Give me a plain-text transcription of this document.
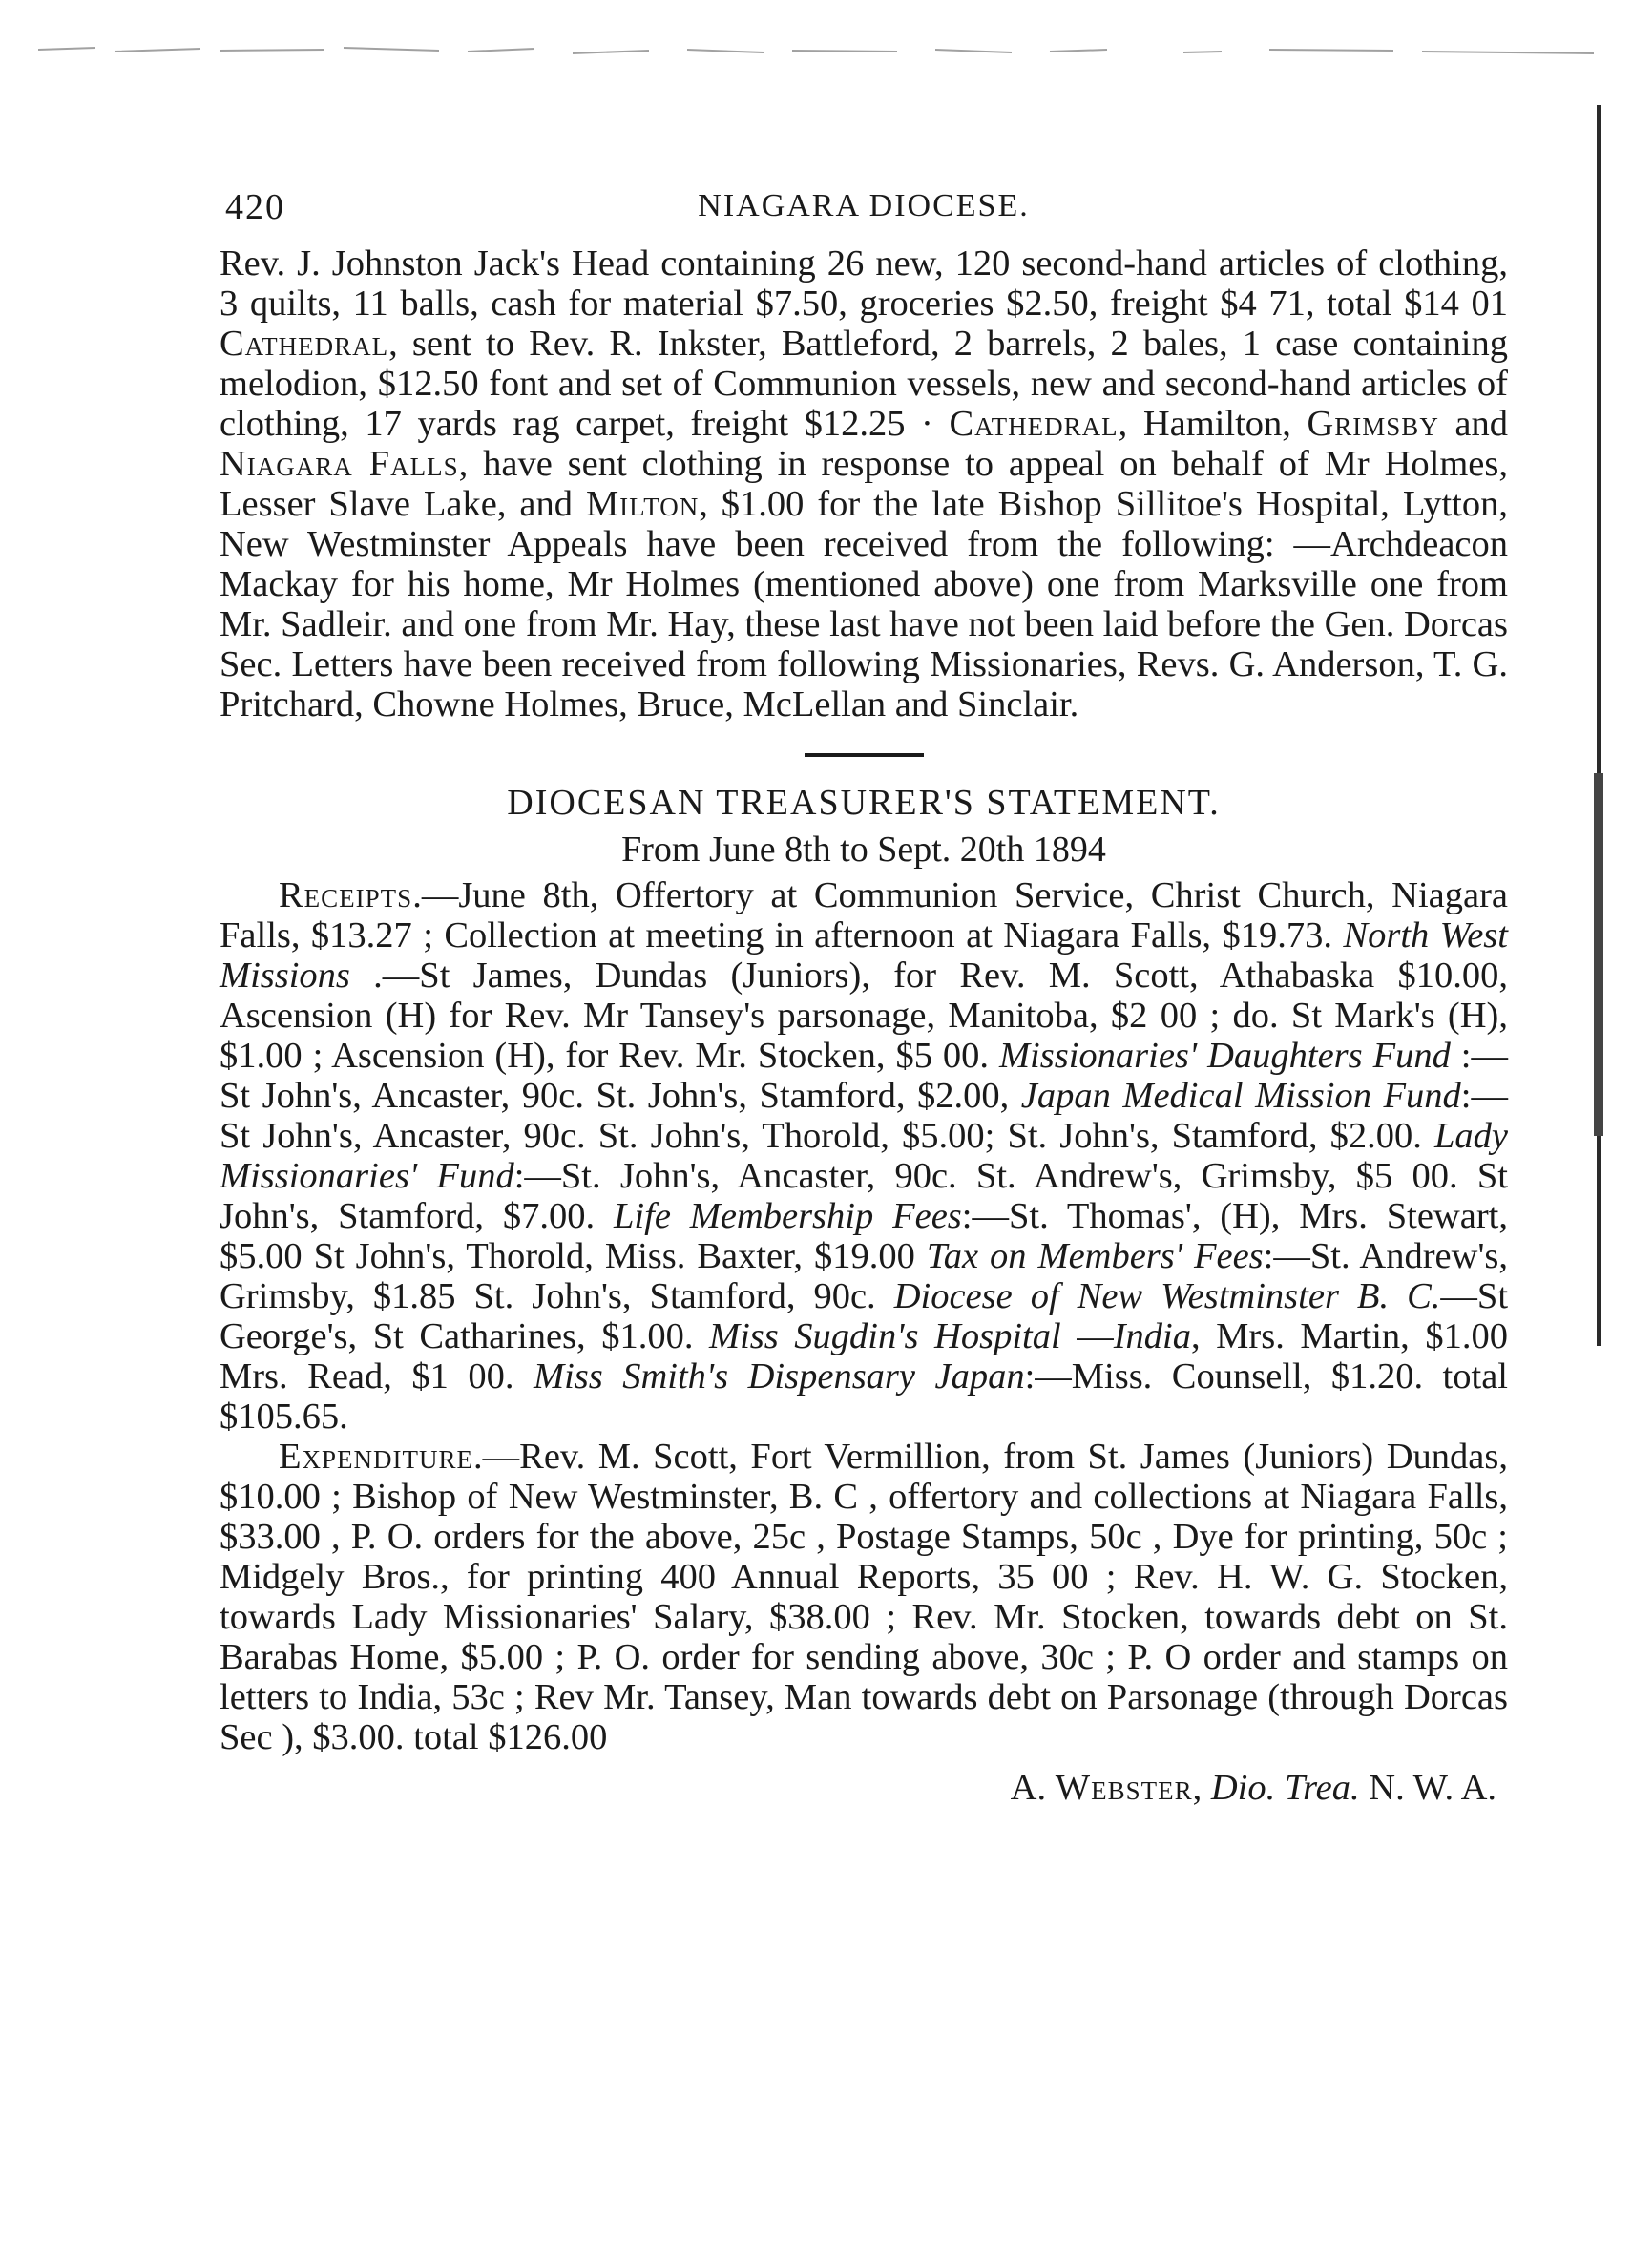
420	NIAGARA DIOCESE.

Rev. J. Johnston Jack's Head containing 26 new, 120 second-hand articles of clothing, 3 quilts, 11 balls, cash for material $7.50, groceries $2.50, freight $4 71, total $14 01 Cathedral, sent to Rev. R. Inkster, Battleford, 2 barrels, 2 bales, 1 case containing melodion, $12.50 font and set of Communion vessels, new and second-hand articles of clothing, 17 yards rag carpet, freight $12.25 · Cathedral, Hamilton, Grimsby and Niagara Falls, have sent clothing in response to appeal on behalf of Mr Holmes, Lesser Slave Lake, and Milton, $1.00 for the late Bishop Sillitoe's Hospital, Lytton, New Westminster Appeals have been received from the following: —Archdeacon Mackay for his home, Mr Holmes (mentioned above) one from Marksville one from Mr. Sadleir. and one from Mr. Hay, these last have not been laid before the Gen. Dorcas Sec. Letters have been received from following Missionaries, Revs. G. Anderson, T. G. Pritchard, Chowne Holmes, Bruce, McLellan and Sinclair.

DIOCESAN TREASURER'S STATEMENT.

From June 8th to Sept. 20th 1894

Receipts.—June 8th, Offertory at Communion Service, Christ Church, Niagara Falls, $13.27 ; Collection at meeting in afternoon at Niagara Falls, $19.73. North West Missions .—St James, Dundas (Juniors), for Rev. M. Scott, Athabaska $10.00, Ascension (H) for Rev. Mr Tansey's parsonage, Manitoba, $2 00 ; do. St Mark's (H), $1.00 ; Ascension (H), for Rev. Mr. Stocken, $5 00. Missionaries' Daughters Fund :—St John's, Ancaster, 90c. St. John's, Stamford, $2.00, Japan Medical Mission Fund:—St John's, Ancaster, 90c. St. John's, Thorold, $5.00; St. John's, Stamford, $2.00. Lady Missionaries' Fund:—St. John's, Ancaster, 90c. St. Andrew's, Grimsby, $5 00. St John's, Stamford, $7.00. Life Membership Fees:—St. Thomas', (H), Mrs. Stewart, $5.00 St John's, Thorold, Miss. Baxter, $19.00 Tax on Members' Fees:—St. Andrew's, Grimsby, $1.85 St. John's, Stamford, 90c. Diocese of New Westminster B. C.—St George's, St Catharines, $1.00. Miss Sugdin's Hospital —India, Mrs. Martin, $1.00 Mrs. Read, $1 00. Miss Smith's Dispensary Japan:—Miss. Counsell, $1.20. total $105.65.

Expenditure.—Rev. M. Scott, Fort Vermillion, from St. James (Juniors) Dundas, $10.00 ; Bishop of New Westminster, B. C , offertory and collections at Niagara Falls, $33.00 , P. O. orders for the above, 25c , Postage Stamps, 50c , Dye for printing, 50c ; Midgely Bros., for printing 400 Annual Reports, 35 00 ; Rev. H. W. G. Stocken, towards Lady Missionaries' Salary, $38.00 ; Rev. Mr. Stocken, towards debt on St. Barabas Home, $5.00 ; P. O. order for sending above, 30c ; P. O order and stamps on letters to India, 53c ; Rev Mr. Tansey, Man towards debt on Parsonage (through Dorcas Sec ), $3.00. total $126.00

A. Webster, Dio. Trea. N. W. A.
